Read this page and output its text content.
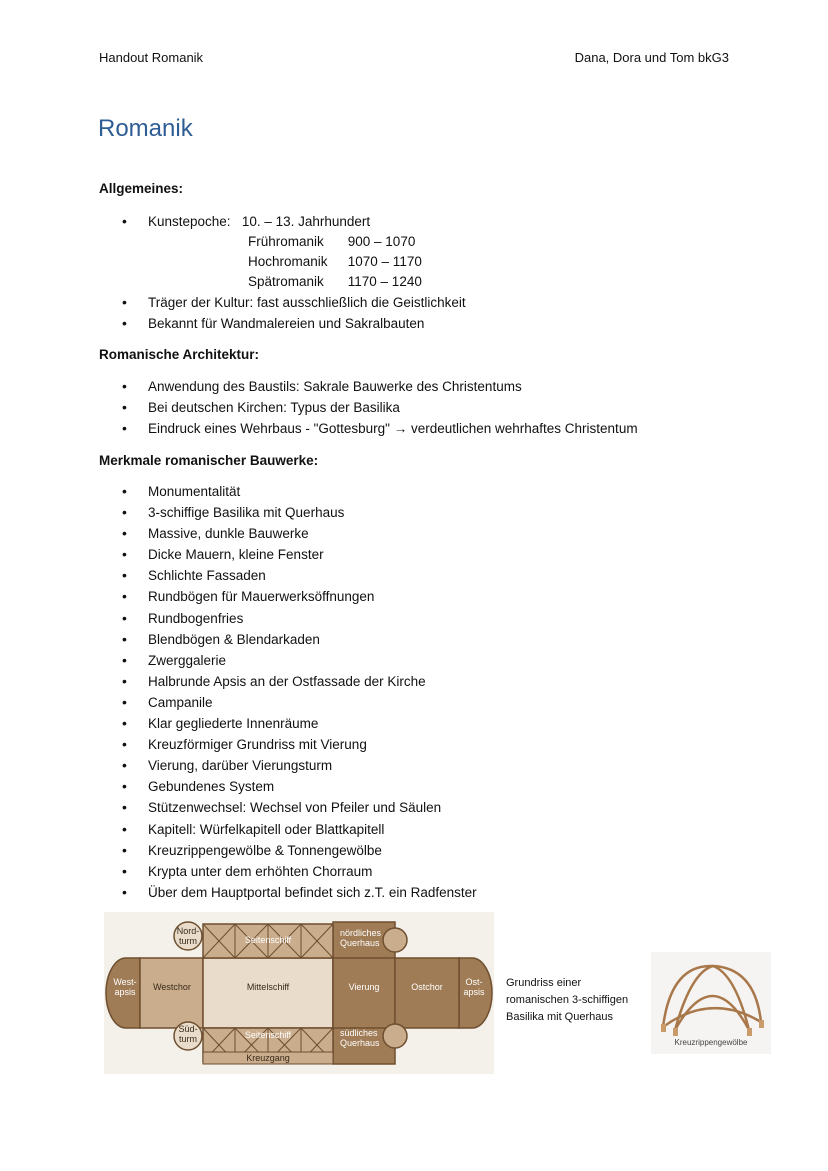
Handout Romanik	Dana, Dora und Tom bkG3
Romanik

Allgemeines:

• Kunstepoche: 10. – 13. Jahrhundert
Frühromanik 900 – 1070
Hochromanik 1070 – 1170
Spätromanik 1170 – 1240
• Träger der Kultur: fast ausschließlich die Geistlichkeit
• Bekannt für Wandmalereien und Sakralbauten

Romanische Architektur:

• Anwendung des Baustils: Sakrale Bauwerke des Christentums
• Bei deutschen Kirchen: Typus der Basilika
• Eindruck eines Wehrbaus - "Gottesburg" → verdeutlichen wehrhaftes Christentum

Merkmale romanischer Bauwerke:

• Monumentalität
• 3-schiffige Basilika mit Querhaus
• Massive, dunkle Bauwerke
• Dicke Mauern, kleine Fenster
• Schlichte Fassaden
• Rundbögen für Mauerwerksöffnungen
• Rundbogenfries
• Blendbögen & Blendarkaden
• Zwerggalerie
• Halbrunde Apsis an der Ostfassade der Kirche
• Campanile
• Klar gegliederte Innenräume
• Kreuzförmiger Grundriss mit Vierung
• Vierung, darüber Vierungsturm
• Gebundenes System
• Stützenwechsel: Wechsel von Pfeiler und Säulen
• Kapitell: Würfelkapitell oder Blattkapitell
• Kreuzrippengewölbe & Tonnengewölbe
• Krypta unter dem erhöhten Chorraum
• Über dem Hauptportal befindet sich z.T. ein Radfenster
Nord-
turm	Seitenschiff
nördliches
Querhaus
West-
apsis Westchor	Mittelschiff	Vierung	Ostchor	Ost-
apsis
Süd-
turm	Seitenschiff	südliches
Querhaus
Kreuzgang
Grundriss einer romanischen 3-schiffigen Basilika mit Querhaus
Kreuzrippengewölbe
